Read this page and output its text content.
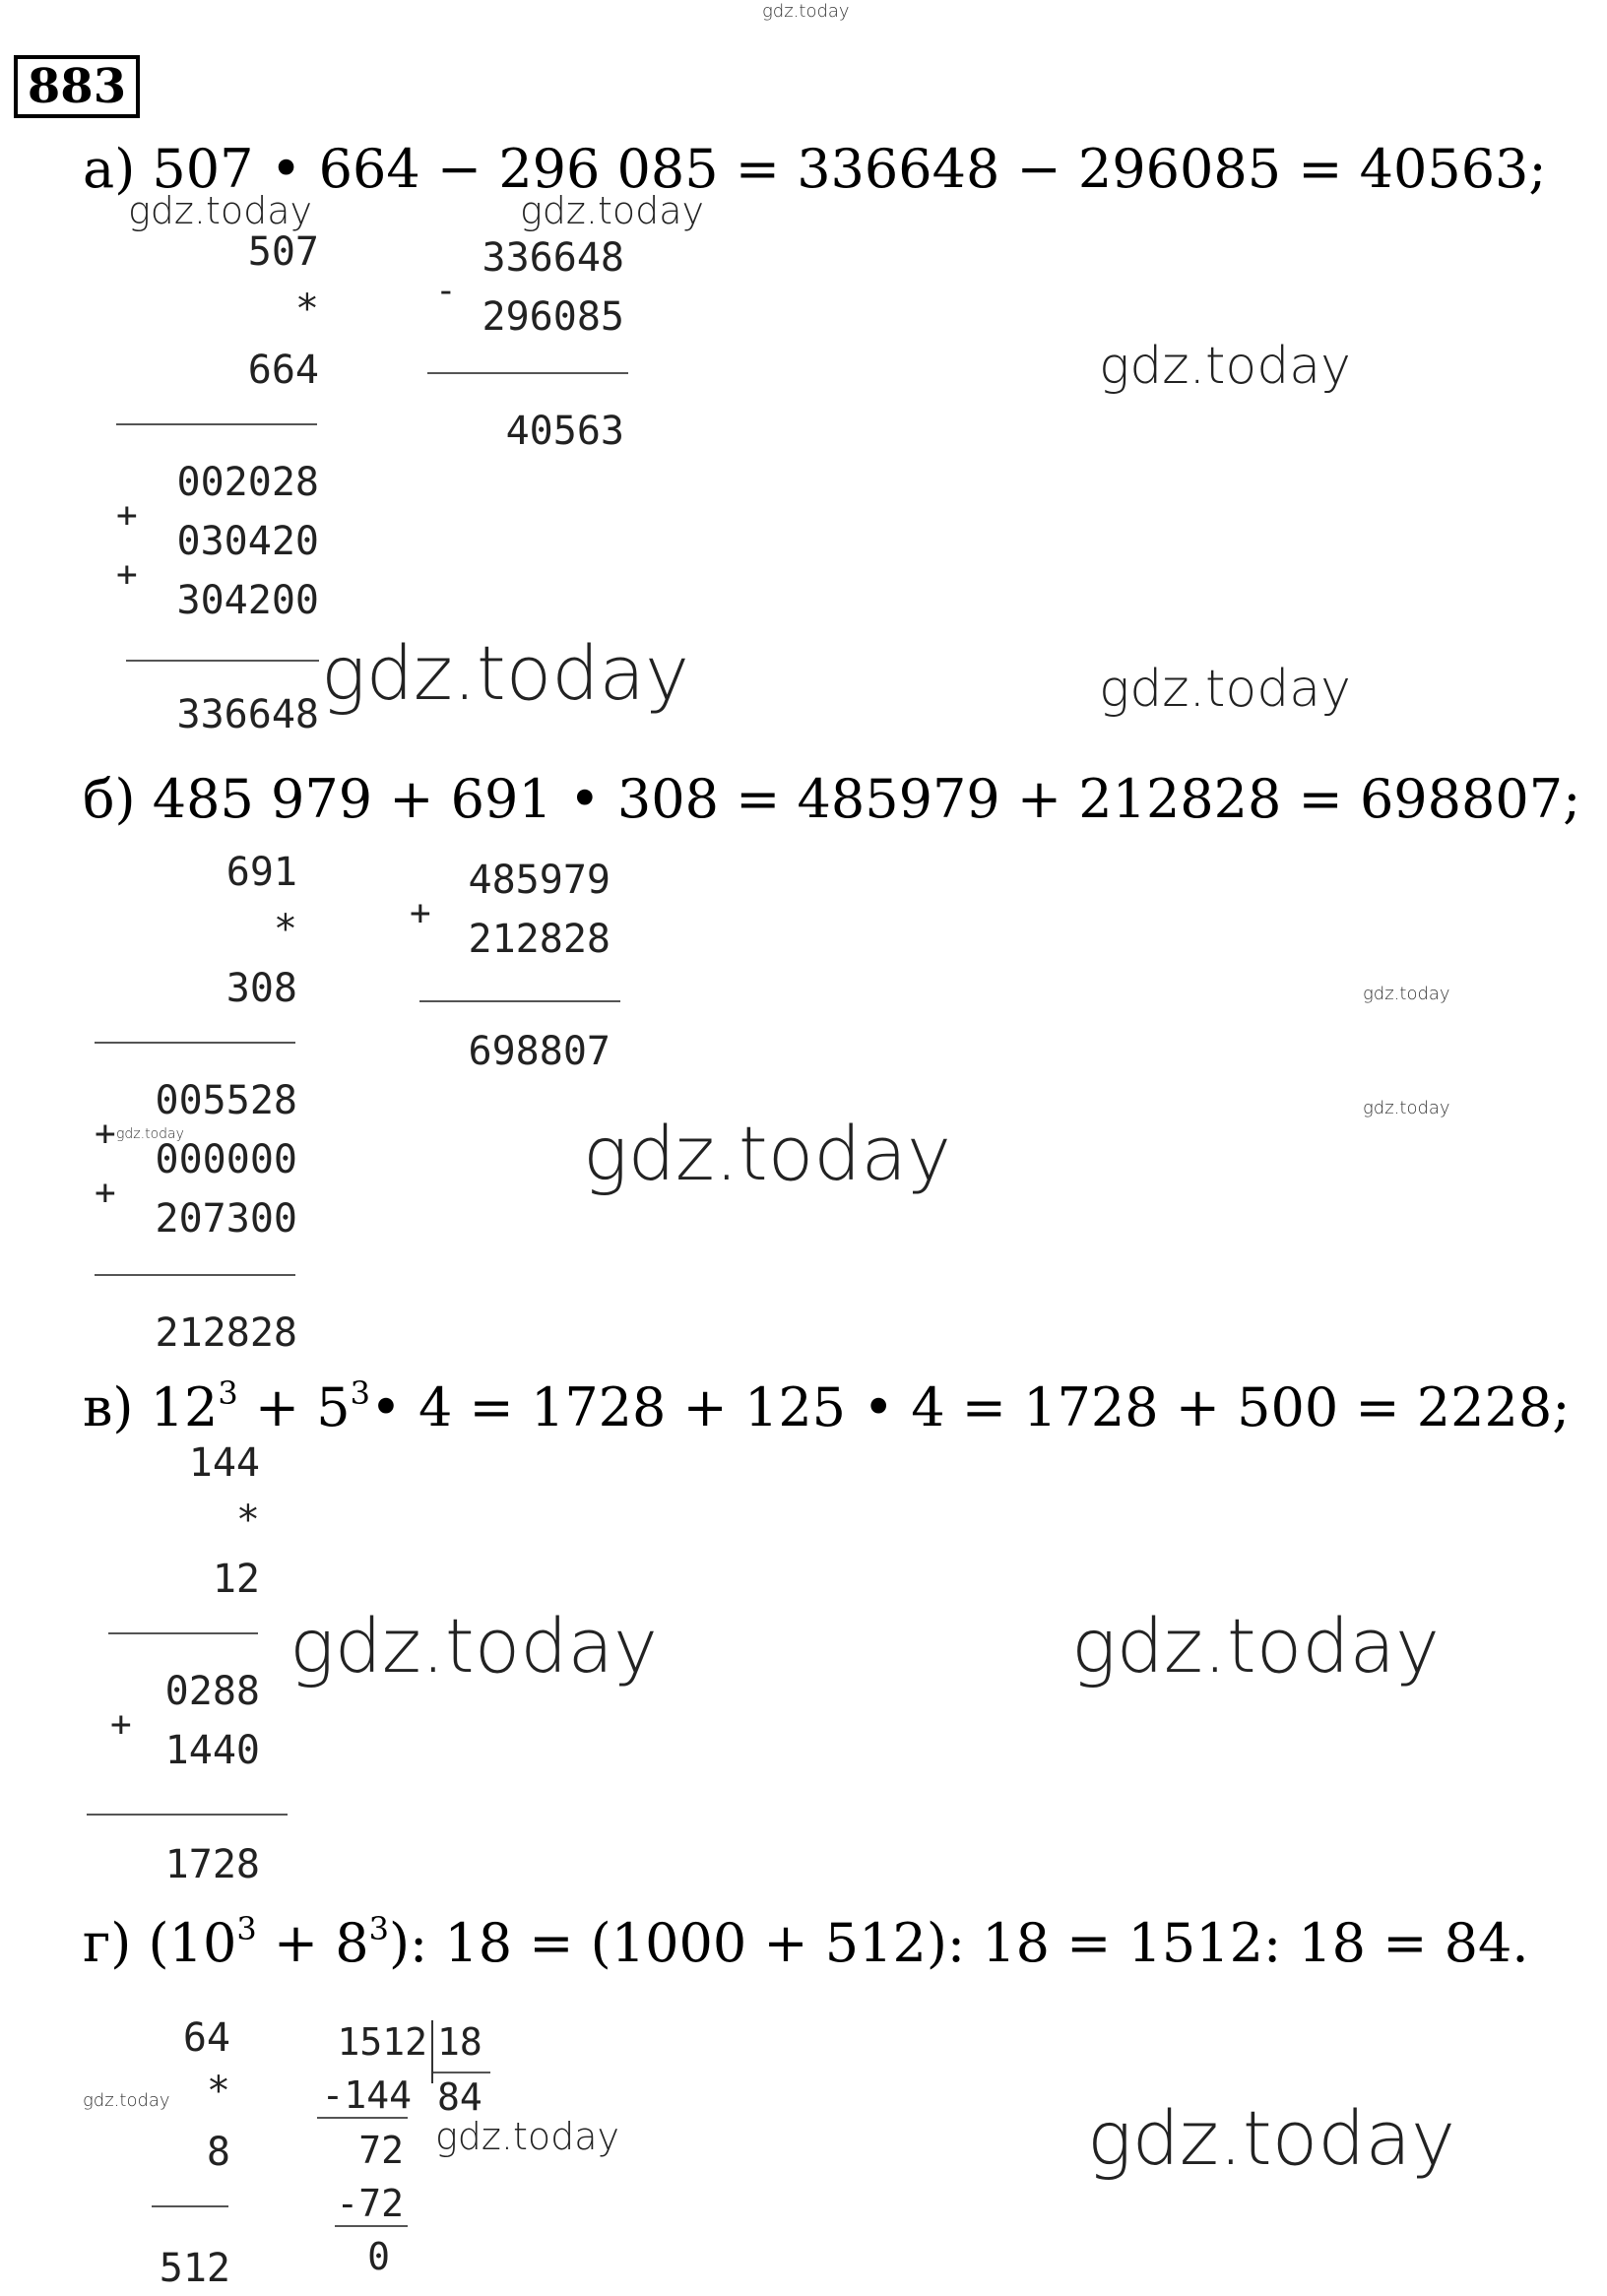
gdz.today
883
а) 507 • 664 − 296 085 = 336648 − 296085 = 40563;
gdz.today	gdz.today
507
*
664
002028
+
030420
+
304200
336648 gdz.today
336648
-
296085
40563
gdz.today
gdz.today
б) 485 979 + 691 • 308 = 485979 + 212828 = 698807;
691
*
308
005528
+ gdz.today
000000
+
207300
212828
485979
+
212828
698807
gdz.today
gdz.today
gdz.today
в) $12^3$ + $5^3•$ 4 = 1728 + 125 • 4 = 1728 + 500 = 2228;
144
*
12
0288
+
1440
1728
gdz.today	gdz.today
г) $(10^3 + 8^3)$: 18 = (1000 + 512): 18 = 1512: 18 = 84.
64
*
8
512
gdz.today
1512 18
84
-144
72
-72
0
gdz.today	gdz.today
